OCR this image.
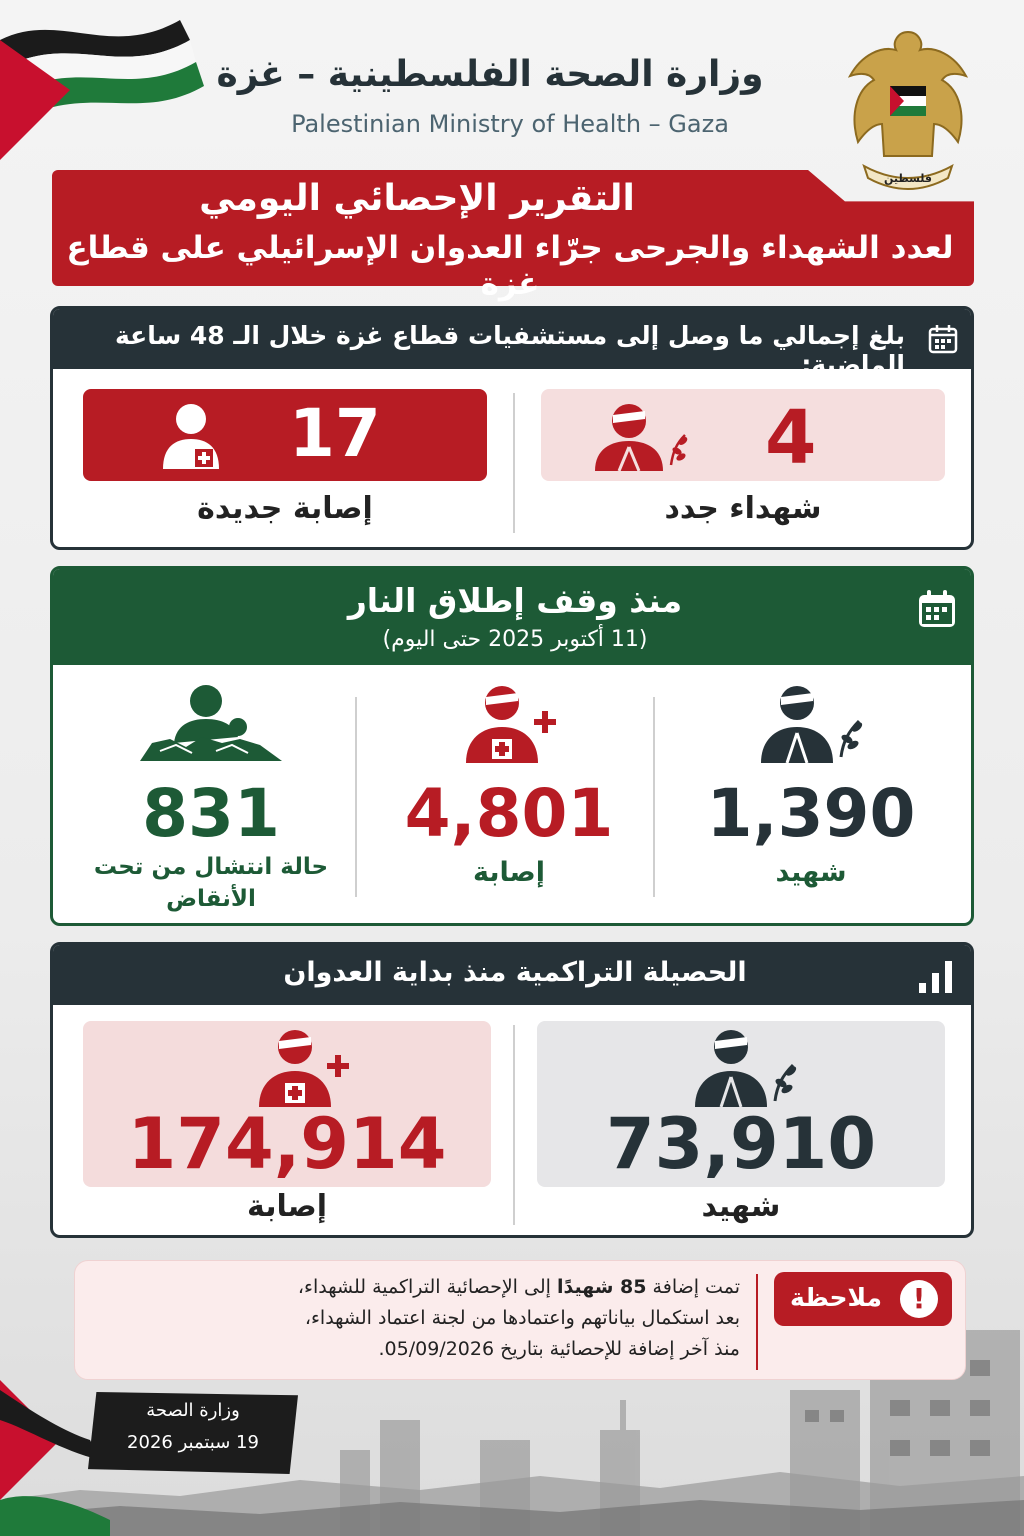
فلسطين
وزارة الصحة الفلسطينية – غزة
Palestinian Ministry of Health – Gaza
التقرير الإحصائي اليومي
لعدد الشهداء والجرحى جرّاء العدوان الإسرائيلي على قطاع غزة
بلغ إجمالي ما وصل إلى مستشفيات قطاع غزة خلال الـ 48 ساعة الماضية:
17
إصابة جديدة
4
شهداء جدد
منذ وقف إطلاق النار
(11 أكتوبر 2025 حتى اليوم)
831
حالة انتشال من تحت الأنقاض
4,801
إصابة
1,390
شهيد
الحصيلة التراكمية منذ بداية العدوان
174,914
إصابة
73,910
شهيد
ملاحظة	!
تمت إضافة 85 شهيدًا إلى الإحصائية التراكمية للشهداء،
بعد استكمال بياناتهم واعتمادها من لجنة اعتماد الشهداء،
منذ آخر إضافة للإحصائية بتاريخ 05/09/2026.
وزارة الصحة
19 سبتمبر 2026
